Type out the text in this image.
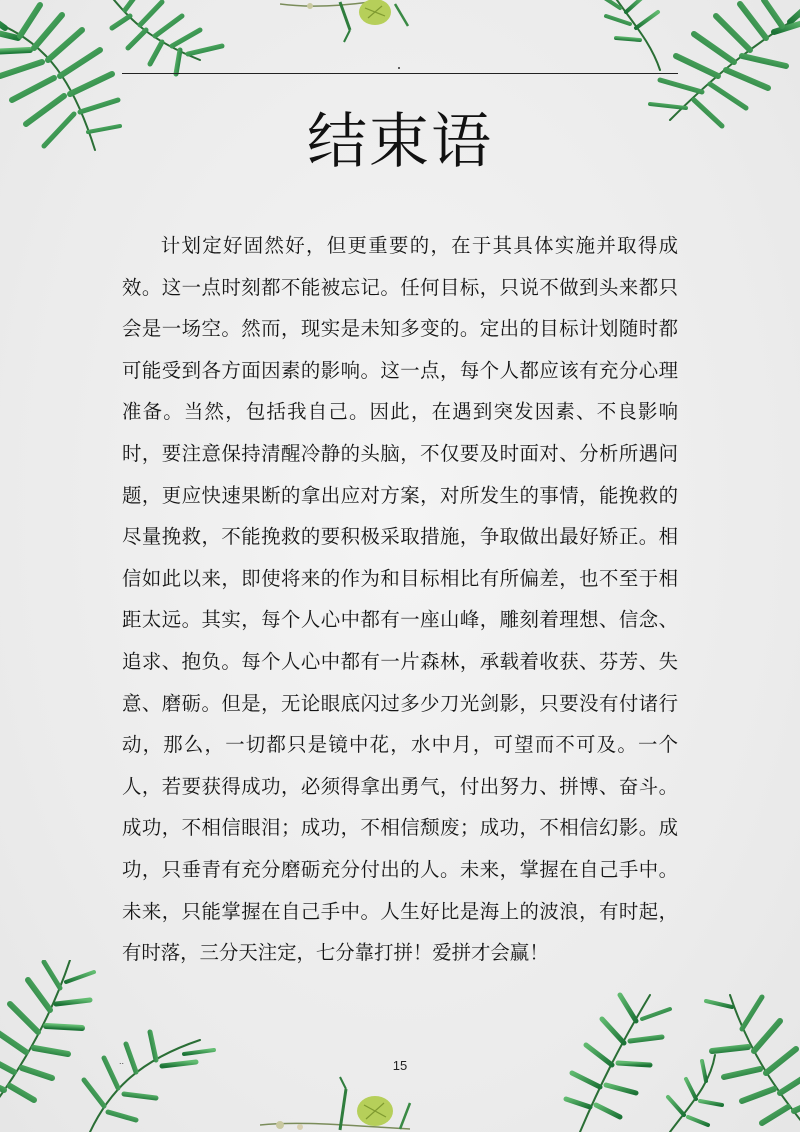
结束语

计划定好固然好，但更重要的，在于其具体实施并取得成效。这一点时刻都不能被忘记。任何目标，只说不做到头来都只会是一场空。然而，现实是未知多变的。定出的目标计划随时都可能受到各方面因素的影响。这一点，每个人都应该有充分心理准备。当然，包括我自己。因此，在遇到突发因素、不良影响时，要注意保持清醒冷静的头脑，不仅要及时面对、分析所遇问题，更应快速果断的拿出应对方案，对所发生的事情，能挽救的尽量挽救，不能挽救的要积极采取措施，争取做出最好矫正。相信如此以来，即使将来的作为和目标相比有所偏差，也不至于相距太远。其实，每个人心中都有一座山峰，雕刻着理想、信念、追求、抱负。每个人心中都有一片森林，承载着收获、芬芳、失意、磨砺。但是，无论眼底闪过多少刀光剑影，只要没有付诸行动，那么，一切都只是镜中花，水中月，可望而不可及。一个人，若要获得成功，必须得拿出勇气，付出努力、拼博、奋斗。成功，不相信眼泪；成功，不相信颓废；成功，不相信幻影。成功，只垂青有充分磨砺充分付出的人。未来，掌握在自己手中。未来，只能掌握在自己手中。人生好比是海上的波浪，有时起，有时落，三分天注定，七分靠打拼！爱拼才会赢！

..	15
